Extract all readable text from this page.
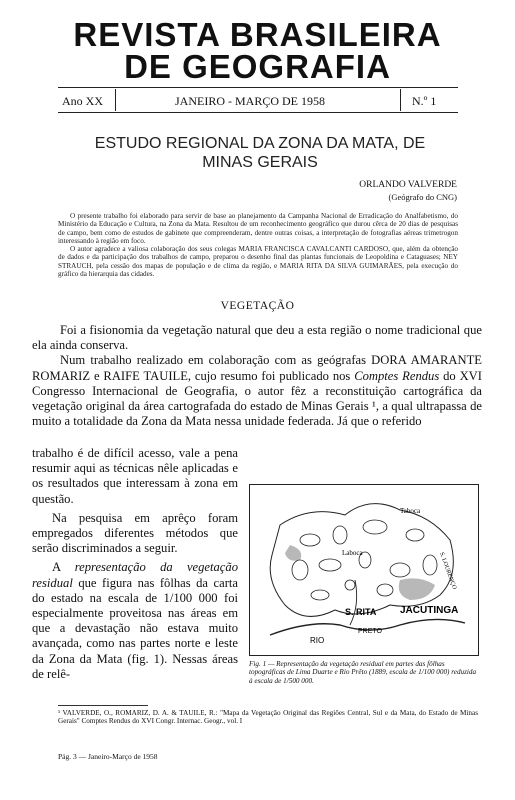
REVISTA BRASILEIRA
DE GEOGRAFIA
Ano XX	JANEIRO - MARÇO DE 1958	N.º 1
ESTUDO REGIONAL DA ZONA DA MATA, DE
MINAS GERAIS
ORLANDO VALVERDE
(Geógrafo do CNG)

O presente trabalho foi elaborado para servir de base ao planejamento da Campanha Nacional de Erradicação do Analfabetismo, do Ministério da Educação e Cultura, na Zona da Mata. Resultou de um reconhecimento geográfico que durou cêrca de 20 dias de pesquisas de campo, bem como de estudos de gabinete que compreenderam, dentre outras coisas, a interpretação de fotografias aéreas trimetrogon interessando à região em foco.

O autor agradece a valiosa colaboração dos seus colegas MARIA FRANCISCA CAVALCANTI CARDOSO, que, além da obtenção de dados e da participação dos trabalhos de campo, preparou o desenho final das plantas funcionais de Leopoldina e Cataguases; NEY STRAUCH, pela cessão dos mapas de população e de clima da região, e MARIA RITA DA SILVA GUIMARÃES, pela execução do gráfico da hierarquia das cidades.

VEGETAÇÃO

Foi a fisionomia da vegetação natural que deu a esta região o nome tradicional que ela ainda conserva.

Num trabalho realizado em colaboração com as geógrafas DORA AMARANTE ROMARIZ e RAIFE TAUILE, cujo resumo foi publicado nos Comptes Rendus do XVI Congresso Internacional de Geografia, o autor fêz a reconstituição cartográfica da vegetação original da área cartografada do estado de Minas Gerais ¹, a qual ultrapassa de muito a totalidade da Zona da Mata nessa unidade federada. Já que o referido

trabalho é de difícil acesso, vale a pena resumir aqui as técnicas nêle aplicadas e os resultados que interessam à zona em questão.

Na pesquisa em aprêço foram empregados diferentes métodos que serão discriminados a seguir.

A representação da vegetação residual que figura nas fôlhas da carta do estado na escala de 1/100 000 foi especialmente proveitosa nas áreas em que a devastação não estava muito avançada, como nas partes norte e leste da Zona da Mata (fig. 1). Nessas áreas de relê-

Taboca
Laboca
S. RITA JACUTINGA
PRETO
RIO
S. LOURENÇO
Fig. 1 — Representação da vegetação residual em partes das fôlhas topográficas de Lima Duarte e Rio Prêto (1889, escala de 1/100 000) reduzida à escala de 1/500 000.
¹ VALVERDE, O., ROMARIZ, D. A. & TAUILE, R.: "Mapa da Vegetação Original das Regiões Central, Sul e da Mata, do Estado de Minas Gerais" Comptes Rendus do XVI Congr. Internac. Geogr., vol. I
Pág. 3 — Janeiro-Março de 1958
